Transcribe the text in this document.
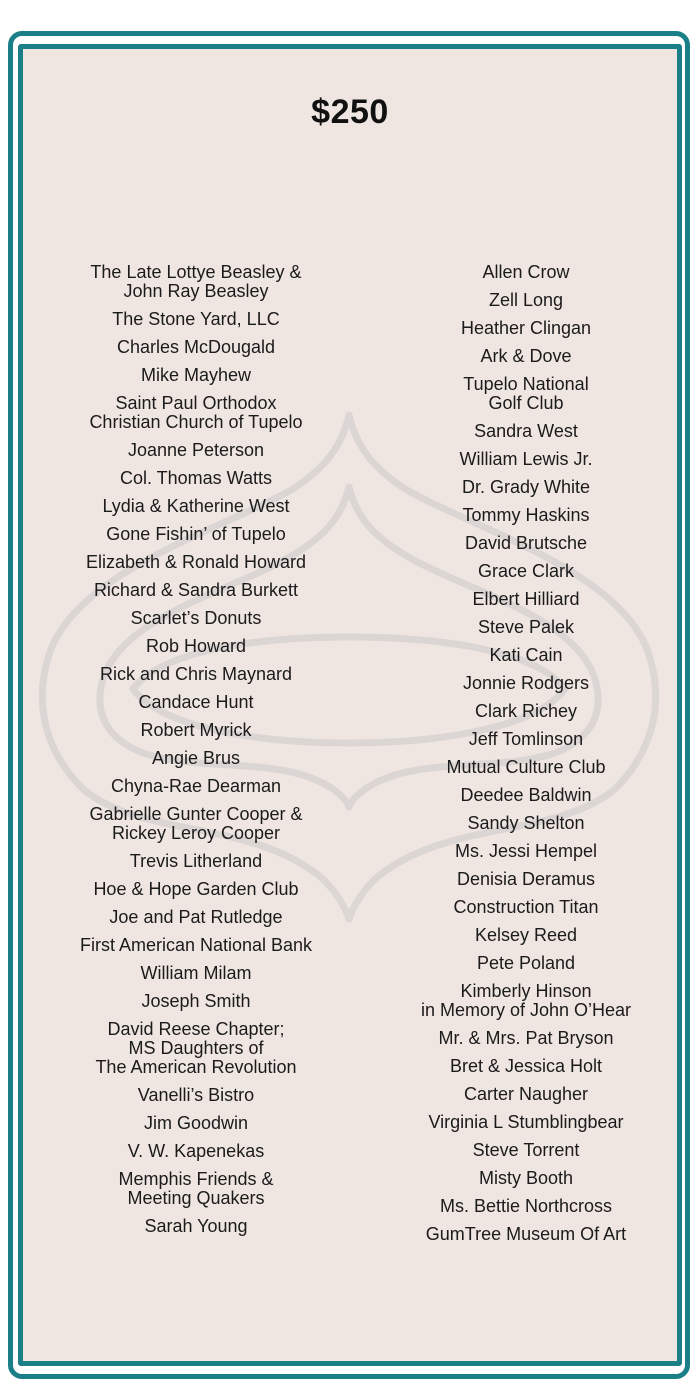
$250
The Late Lottye Beasley &
John Ray Beasley
The Stone Yard, LLC
Charles McDougald
Mike Mayhew
Saint Paul Orthodox
Christian Church of Tupelo
Joanne Peterson
Col. Thomas Watts
Lydia & Katherine West
Gone Fishin’ of Tupelo
Elizabeth & Ronald Howard
Richard & Sandra Burkett
Scarlet’s Donuts
Rob Howard
Rick and Chris Maynard
Candace Hunt
Robert Myrick
Angie Brus
Chyna-Rae Dearman
Gabrielle Gunter Cooper &
Rickey Leroy Cooper
Trevis Litherland
Hoe & Hope Garden Club
Joe and Pat Rutledge
First American National Bank
William Milam
Joseph Smith
David Reese Chapter;
MS Daughters of
The American Revolution
Vanelli’s Bistro
Jim Goodwin
V. W. Kapenekas
Memphis Friends &
Meeting Quakers
Sarah Young
Allen Crow
Zell Long
Heather Clingan
Ark & Dove
Tupelo National
Golf Club
Sandra West
William Lewis Jr.
Dr. Grady White
Tommy Haskins
David Brutsche
Grace Clark
Elbert Hilliard
Steve Palek
Kati Cain
Jonnie Rodgers
Clark Richey
Jeff Tomlinson
Mutual Culture Club
Deedee Baldwin
Sandy Shelton
Ms. Jessi Hempel
Denisia Deramus
Construction Titan
Kelsey Reed
Pete Poland
Kimberly Hinson
in Memory of John O’Hear
Mr. & Mrs. Pat Bryson
Bret & Jessica Holt
Carter Naugher
Virginia L Stumblingbear
Steve Torrent
Misty Booth
Ms. Bettie Northcross
GumTree Museum Of Art
